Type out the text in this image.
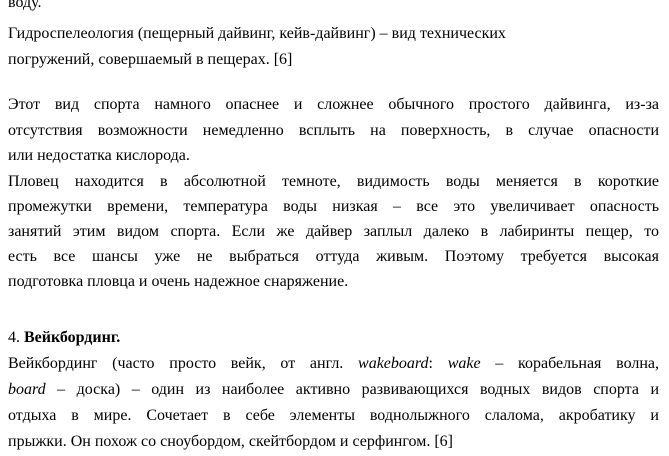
воду.
Гидроспелеология (пещерный дайвинг, кейв-дайвинг) – вид технических
погружений, совершаемый в пещерах. [6]
Этот вид спорта намного опаснее и сложнее обычного простого дайвинга, из-за
отсутствия возможности немедленно всплыть на поверхность, в случае опасности
или недостатка кислорода.
Пловец находится в абсолютной темноте, видимость воды меняется в короткие
промежутки времени, температура воды низкая – все это увеличивает опасность
занятий этим видом спорта. Если же дайвер заплыл далеко в лабиринты пещер, то
есть все шансы уже не выбраться оттуда живым. Поэтому требуется высокая
подготовка пловца и очень надежное снаряжение.
4. Вейкбординг.
Вейкбординг (часто просто вейк, от англ. wakeboard: wake – корабельная волна,
board – доска) – один из наиболее активно развивающихся водных видов спорта и
отдыха в мире. Сочетает в себе элементы воднолыжного слалома, акробатику и
прыжки. Он похож со сноубордом, скейтбордом и серфингом. [6]
